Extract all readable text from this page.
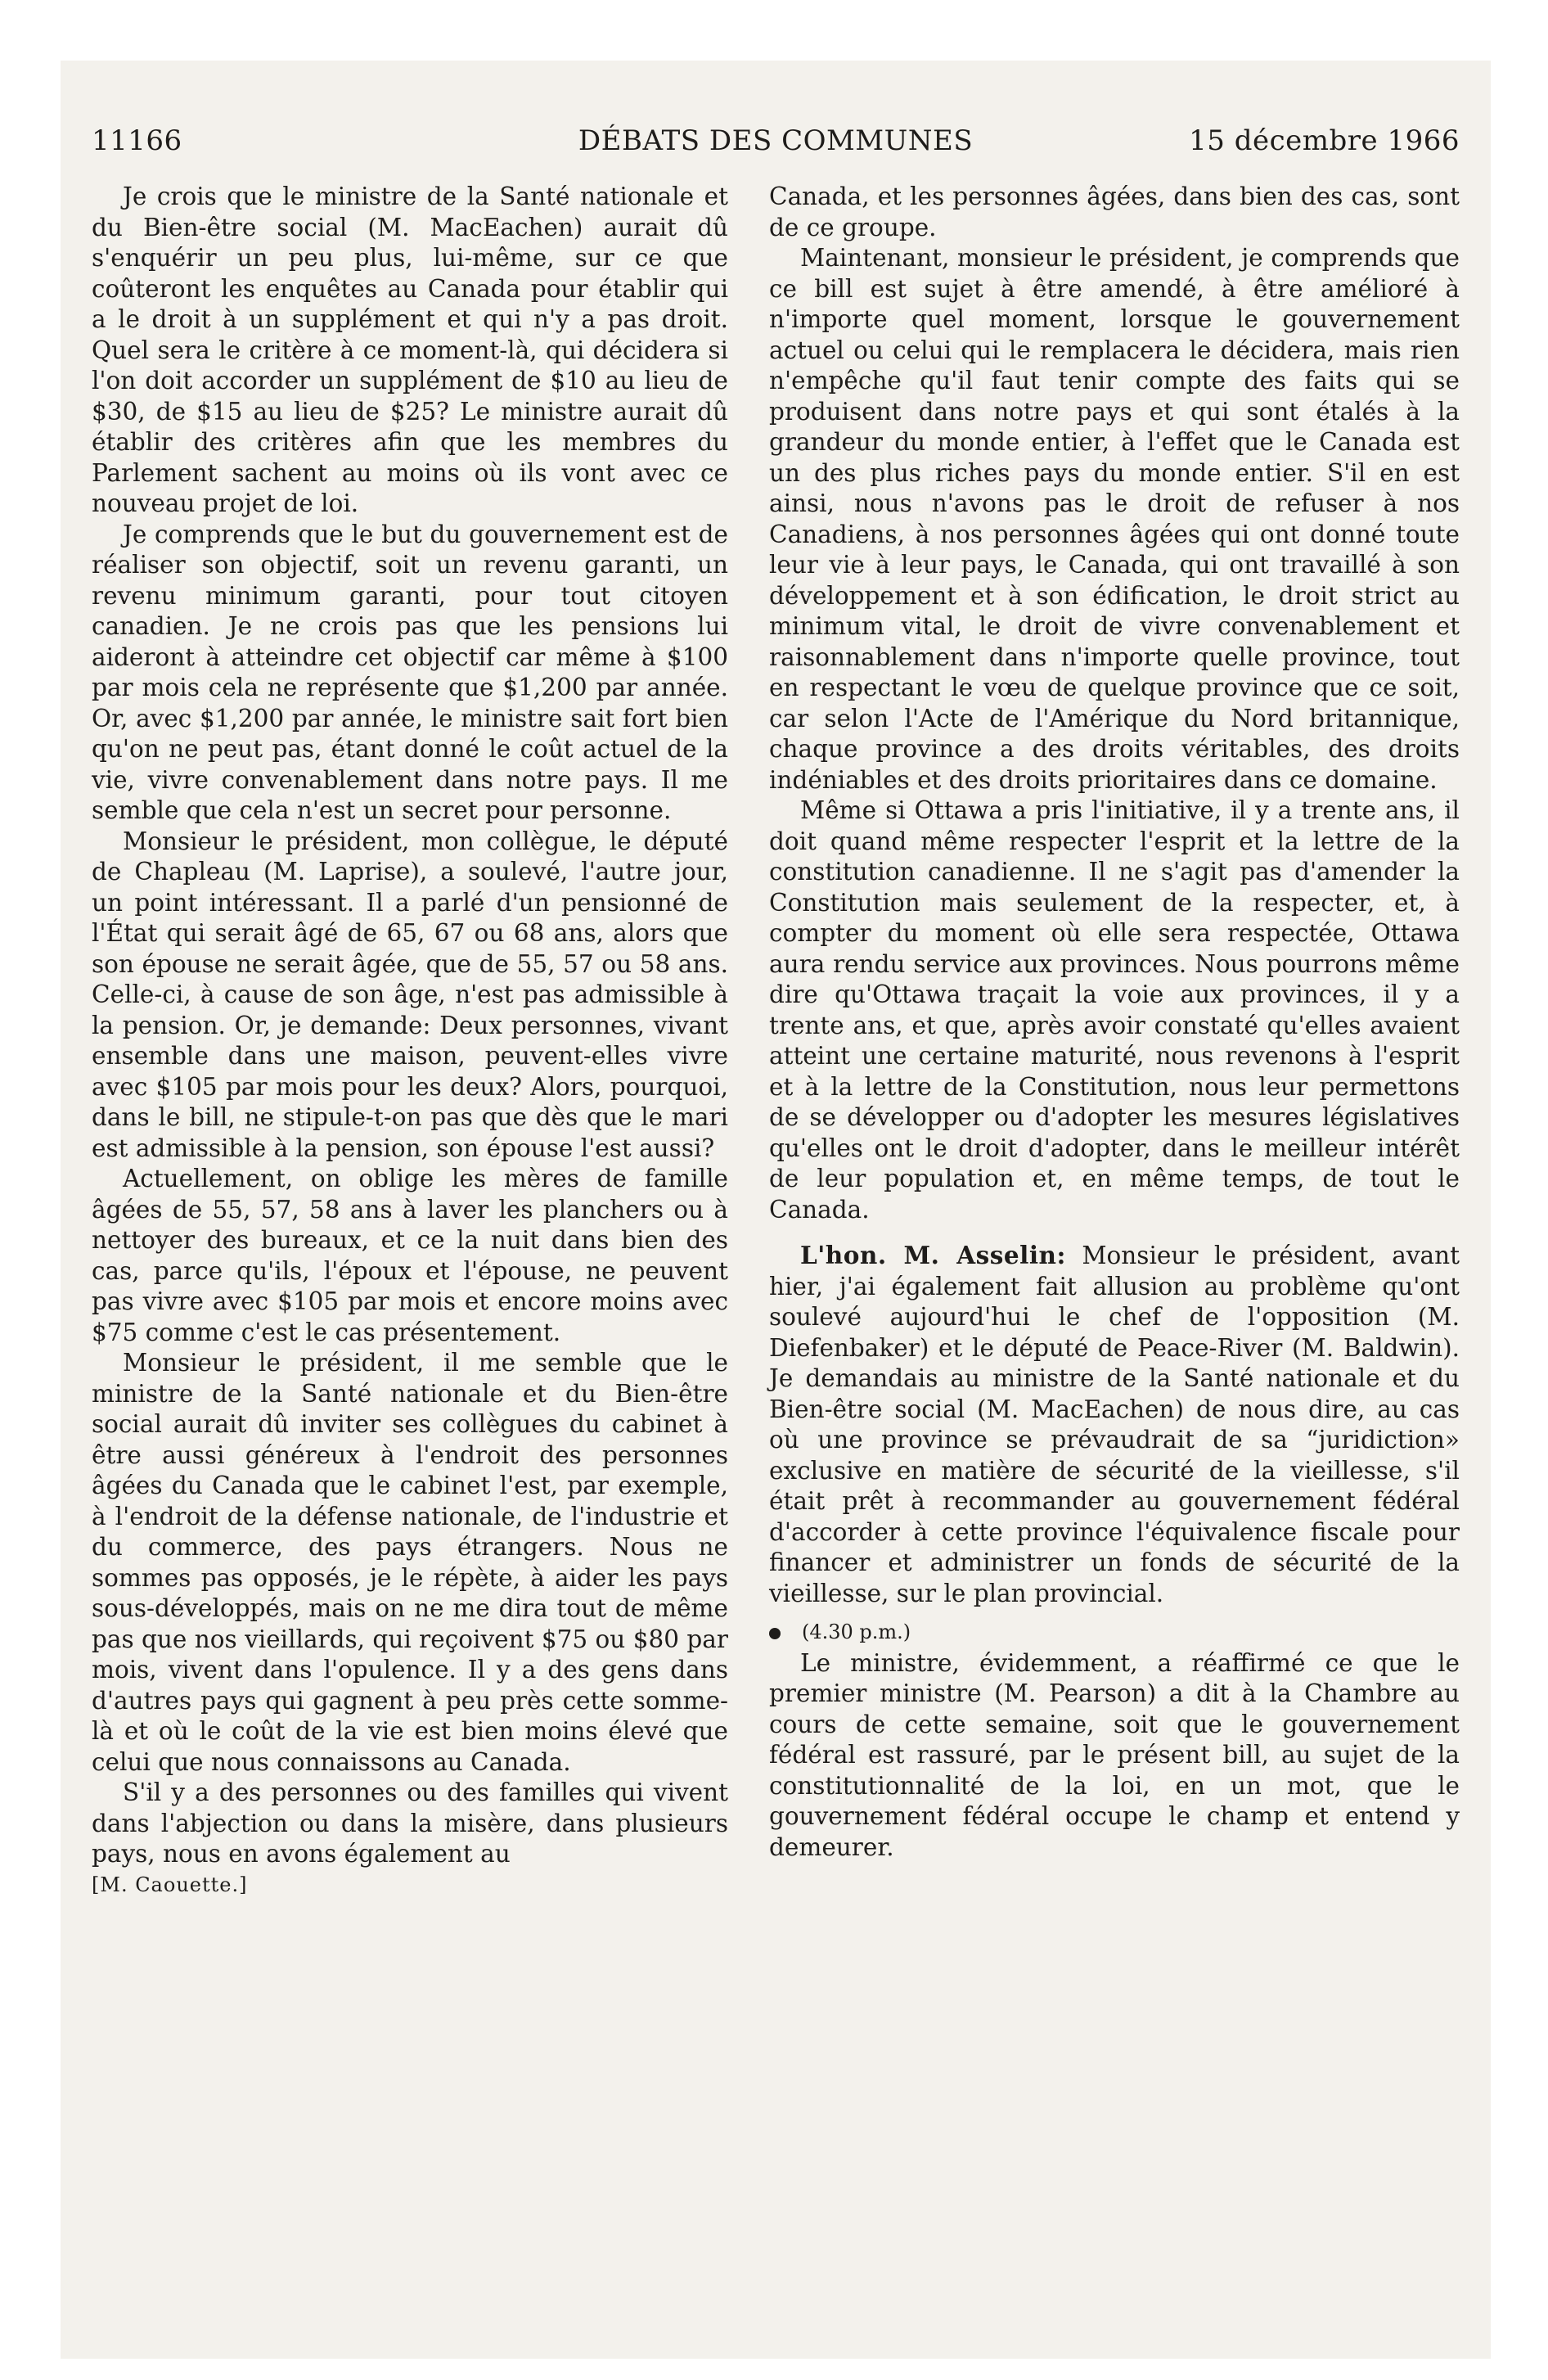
11166	DÉBATS DES COMMUNES	15 décembre 1966

Je crois que le ministre de la Santé nationale et du Bien-être social (M. MacEachen) aurait dû s'enquérir un peu plus, lui-même, sur ce que coûteront les enquêtes au Canada pour établir qui a le droit à un supplément et qui n'y a pas droit. Quel sera le critère à ce moment-là, qui décidera si l'on doit accorder un supplément de $10 au lieu de $30, de $15 au lieu de $25? Le ministre aurait dû établir des critères afin que les membres du Parlement sachent au moins où ils vont avec ce nouveau projet de loi.

Je comprends que le but du gouvernement est de réaliser son objectif, soit un revenu garanti, un revenu minimum garanti, pour tout citoyen canadien. Je ne crois pas que les pensions lui aideront à atteindre cet objectif car même à $100 par mois cela ne représente que $1,200 par année. Or, avec $1,200 par année, le ministre sait fort bien qu'on ne peut pas, étant donné le coût actuel de la vie, vivre convenablement dans notre pays. Il me semble que cela n'est un secret pour personne.

Monsieur le président, mon collègue, le député de Chapleau (M. Laprise), a soulevé, l'autre jour, un point intéressant. Il a parlé d'un pensionné de l'État qui serait âgé de 65, 67 ou 68 ans, alors que son épouse ne serait âgée, que de 55, 57 ou 58 ans. Celle-ci, à cause de son âge, n'est pas admissible à la pension. Or, je demande: Deux personnes, vivant ensemble dans une maison, peuvent-elles vivre avec $105 par mois pour les deux? Alors, pourquoi, dans le bill, ne stipule-t-on pas que dès que le mari est admissible à la pension, son épouse l'est aussi?

Actuellement, on oblige les mères de famille âgées de 55, 57, 58 ans à laver les planchers ou à nettoyer des bureaux, et ce la nuit dans bien des cas, parce qu'ils, l'époux et l'épouse, ne peuvent pas vivre avec $105 par mois et encore moins avec $75 comme c'est le cas présentement.

Monsieur le président, il me semble que le ministre de la Santé nationale et du Bien-être social aurait dû inviter ses collègues du cabinet à être aussi généreux à l'endroit des personnes âgées du Canada que le cabinet l'est, par exemple, à l'endroit de la défense nationale, de l'industrie et du commerce, des pays étrangers. Nous ne sommes pas opposés, je le répète, à aider les pays sous-développés, mais on ne me dira tout de même pas que nos vieillards, qui reçoivent $75 ou $80 par mois, vivent dans l'opulence. Il y a des gens dans d'autres pays qui gagnent à peu près cette somme-là et où le coût de la vie est bien moins élevé que celui que nous connaissons au Canada.

S'il y a des personnes ou des familles qui vivent dans l'abjection ou dans la misère, dans plusieurs pays, nous en avons également au

[M. Caouette.]

Canada, et les personnes âgées, dans bien des cas, sont de ce groupe.

Maintenant, monsieur le président, je comprends que ce bill est sujet à être amendé, à être amélioré à n'importe quel moment, lorsque le gouvernement actuel ou celui qui le remplacera le décidera, mais rien n'empêche qu'il faut tenir compte des faits qui se produisent dans notre pays et qui sont étalés à la grandeur du monde entier, à l'effet que le Canada est un des plus riches pays du monde entier. S'il en est ainsi, nous n'avons pas le droit de refuser à nos Canadiens, à nos personnes âgées qui ont donné toute leur vie à leur pays, le Canada, qui ont travaillé à son développement et à son édification, le droit strict au minimum vital, le droit de vivre convenablement et raisonnablement dans n'importe quelle province, tout en respectant le vœu de quelque province que ce soit, car selon l'Acte de l'Amérique du Nord britannique, chaque province a des droits véritables, des droits indéniables et des droits prioritaires dans ce domaine.

Même si Ottawa a pris l'initiative, il y a trente ans, il doit quand même respecter l'esprit et la lettre de la constitution canadienne. Il ne s'agit pas d'amender la Constitution mais seulement de la respecter, et, à compter du moment où elle sera respectée, Ottawa aura rendu service aux provinces. Nous pourrons même dire qu'Ottawa traçait la voie aux provinces, il y a trente ans, et que, après avoir constaté qu'elles avaient atteint une certaine maturité, nous revenons à l'esprit et à la lettre de la Constitution, nous leur permettons de se développer ou d'adopter les mesures législatives qu'elles ont le droit d'adopter, dans le meilleur intérêt de leur population et, en même temps, de tout le Canada.

L'hon. M. Asselin: Monsieur le président, avant hier, j'ai également fait allusion au problème qu'ont soulevé aujourd'hui le chef de l'opposition (M. Diefenbaker) et le député de Peace-River (M. Baldwin). Je demandais au ministre de la Santé nationale et du Bien-être social (M. MacEachen) de nous dire, au cas où une province se prévaudrait de sa “juridiction» exclusive en matière de sécurité de la vieillesse, s'il était prêt à recommander au gouvernement fédéral d'accorder à cette province l'équivalence fiscale pour financer et administrer un fonds de sécurité de la vieillesse, sur le plan provincial.

(4.30 p.m.)

Le ministre, évidemment, a réaffirmé ce que le premier ministre (M. Pearson) a dit à la Chambre au cours de cette semaine, soit que le gouvernement fédéral est rassuré, par le présent bill, au sujet de la constitutionnalité de la loi, en un mot, que le gouvernement fédéral occupe le champ et entend y demeurer.
